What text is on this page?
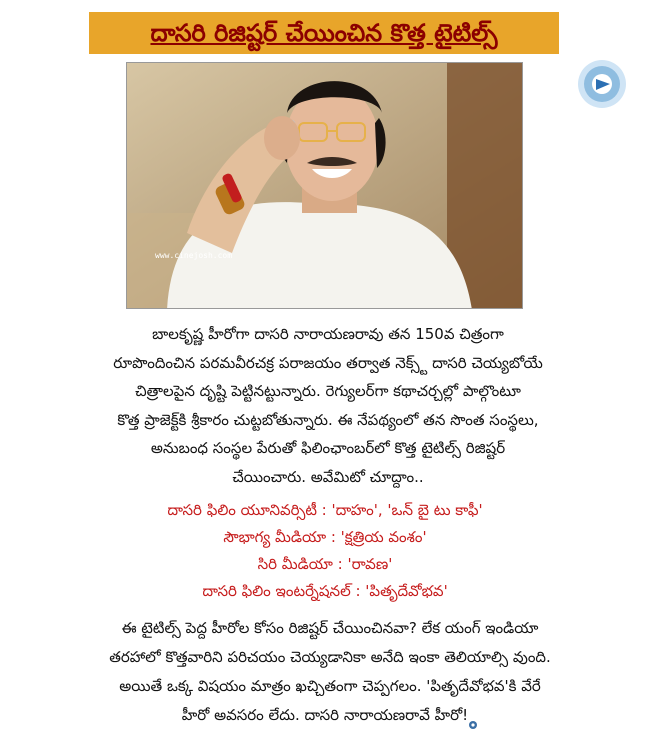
దాసరి రిజిష్టర్ చేయించిన కొత్త టైటిల్స్
www.cinejosh.com

బాలకృష్ణ హీరోగా దాసరి నారాయణరావు తన 150వ చిత్రంగా

రూపొందించిన పరమవీరచక్ర పరాజయం తర్వాత నెక్స్ట్ దాసరి చెయ్యబోయే

చిత్రాలపైన దృష్టి పెట్టినట్టున్నారు. రెగ్యులర్‌గా కథాచర్చల్లో పాల్గొంటూ

కొత్త ప్రాజెక్ట్‌కి శ్రీకారం చుట్టబోతున్నారు. ఈ నేపథ్యంలో తన సొంత సంస్థలు,

అనుబంధ సంస్థల పేరుతో ఫిలింఛాంబర్‌లో కొత్త టైటిల్స్ రిజిష్టర్

చేయించారు. అవేమిటో చూద్దాం..

దాసరి ఫిలిం యూనివర్సిటీ : 'దాహం', 'ఒన్ బై టు కాఫీ'
సౌభాగ్య మీడియా : 'క్షత్రియ వంశం'
సిరి మీడియా : 'రావణ'
దాసరి ఫిలిం ఇంటర్నేషనల్ : 'పితృదేవోభవ'

ఈ టైటిల్స్ పెద్ద హీరోల కోసం రిజిష్టర్ చేయించినవా? లేక యంగ్ ఇండియా

తరహాలో కొత్తవారిని పరిచయం చెయ్యడానికా అనేది ఇంకా తెలియాల్సి వుంది.

అయితే ఒక్క విషయం మాత్రం ఖచ్చితంగా చెప్పగలం. 'పితృదేవోభవ'కి వేరే

హీరో అవసరం లేదు. దాసరి నారాయణరావే హీరో!
